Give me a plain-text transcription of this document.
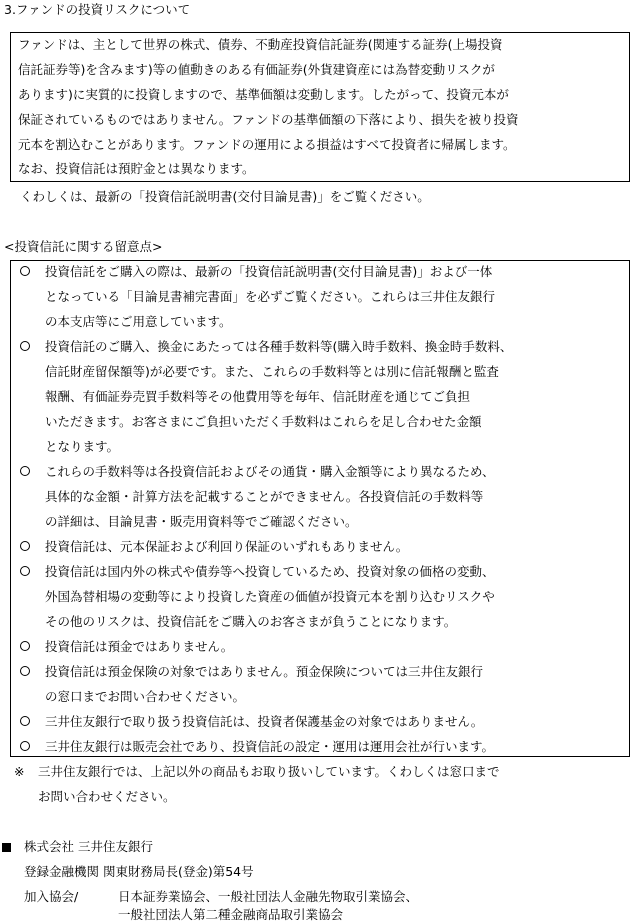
3.ファンドの投資リスクについて
ファンドは、主として世界の株式、債券、不動産投資信託証券(関連する証券(上場投資
信託証券等)を含みます)等の値動きのある有価証券(外貨建資産には為替変動リスクが
あります)に実質的に投資しますので、基準価額は変動します。したがって、投資元本が
保証されているものではありません。ファンドの基準価額の下落により、損失を被り投資
元本を割込むことがあります。ファンドの運用による損益はすべて投資者に帰属します。
なお、投資信託は預貯金とは異なります。
くわしくは、最新の「投資信託説明書(交付目論見書)」をご覧ください。
<投資信託に関する留意点>
投資信託をご購入の際は、最新の「投資信託説明書(交付目論見書)」および一体
となっている「目論見書補完書面」を必ずご覧ください。これらは三井住友銀行
の本支店等にご用意しています。
投資信託のご購入、換金にあたっては各種手数料等(購入時手数料、換金時手数料、
信託財産留保額等)が必要です。また、これらの手数料等とは別に信託報酬と監査
報酬、有価証券売買手数料等その他費用等を毎年、信託財産を通じてご負担
いただきます。お客さまにご負担いただく手数料はこれらを足し合わせた金額
となります。
これらの手数料等は各投資信託およびその通貨・購入金額等により異なるため、
具体的な金額・計算方法を記載することができません。各投資信託の手数料等
の詳細は、目論見書・販売用資料等でご確認ください。
投資信託は、元本保証および利回り保証のいずれもありません。
投資信託は国内外の株式や債券等へ投資しているため、投資対象の価格の変動、
外国為替相場の変動等により投資した資産の価値が投資元本を割り込むリスクや
その他のリスクは、投資信託をご購入のお客さまが負うことになります。
投資信託は預金ではありません。
投資信託は預金保険の対象ではありません。預金保険については三井住友銀行
の窓口までお問い合わせください。
三井住友銀行で取り扱う投資信託は、投資者保護基金の対象ではありません。
三井住友銀行は販売会社であり、投資信託の設定・運用は運用会社が行います。
※ 三井住友銀行では、上記以外の商品もお取り扱いしています。くわしくは窓口まで
お問い合わせください。
株式会社 三井住友銀行
登録金融機関 関東財務局長(登金)第54号
加入協会/	日本証券業協会、一般社団法人金融先物取引業協会、
一般社団法人第二種金融商品取引業協会
